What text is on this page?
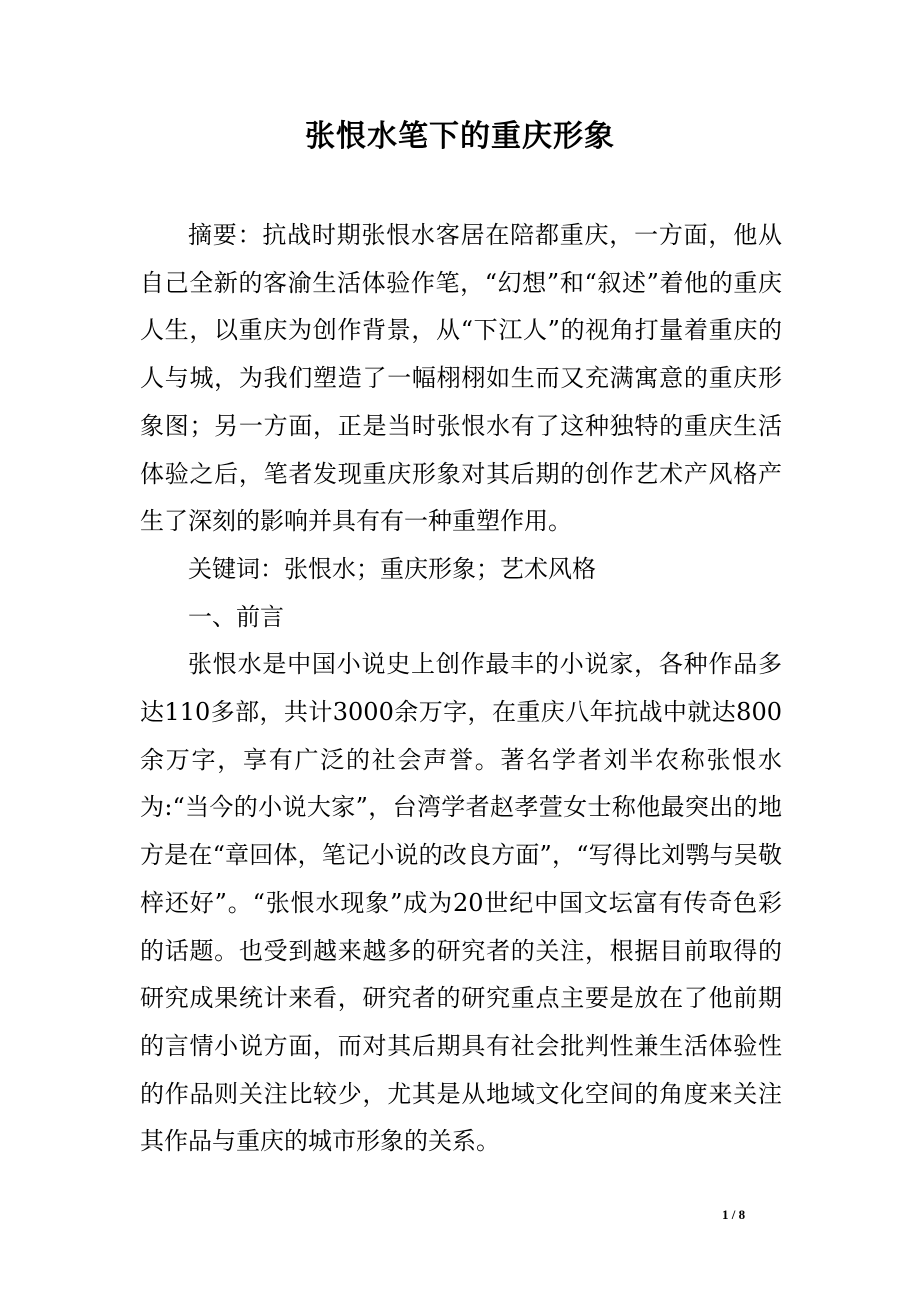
张恨水笔下的重庆形象

摘要：抗战时期张恨水客居在陪都重庆，一方面，他从自己全新的客渝生活体验作笔，“幻想”和“叙述”着他的重庆人生，以重庆为创作背景，从“下江人”的视角打量着重庆的人与城，为我们塑造了一幅栩栩如生而又充满寓意的重庆形象图；另一方面，正是当时张恨水有了这种独特的重庆生活体验之后，笔者发现重庆形象对其后期的创作艺术产风格产生了深刻的影响并具有有一种重塑作用。

关键词：张恨水；重庆形象；艺术风格

一、前言

张恨水是中国小说史上创作最丰的小说家，各种作品多达110多部，共计3000余万字，在重庆八年抗战中就达800余万字，享有广泛的社会声誉。著名学者刘半农称张恨水为:“当今的小说大家”，台湾学者赵孝萱女士称他最突出的地方是在“章回体，笔记小说的改良方面”，“写得比刘鹗与吴敬梓还好”。“张恨水现象”成为20世纪中国文坛富有传奇色彩的话题。也受到越来越多的研究者的关注，根据目前取得的研究成果统计来看，研究者的研究重点主要是放在了他前期的言情小说方面，而对其后期具有社会批判性兼生活体验性的作品则关注比较少，尤其是从地域文化空间的角度来关注其作品与重庆的城市形象的关系。

1 / 8
